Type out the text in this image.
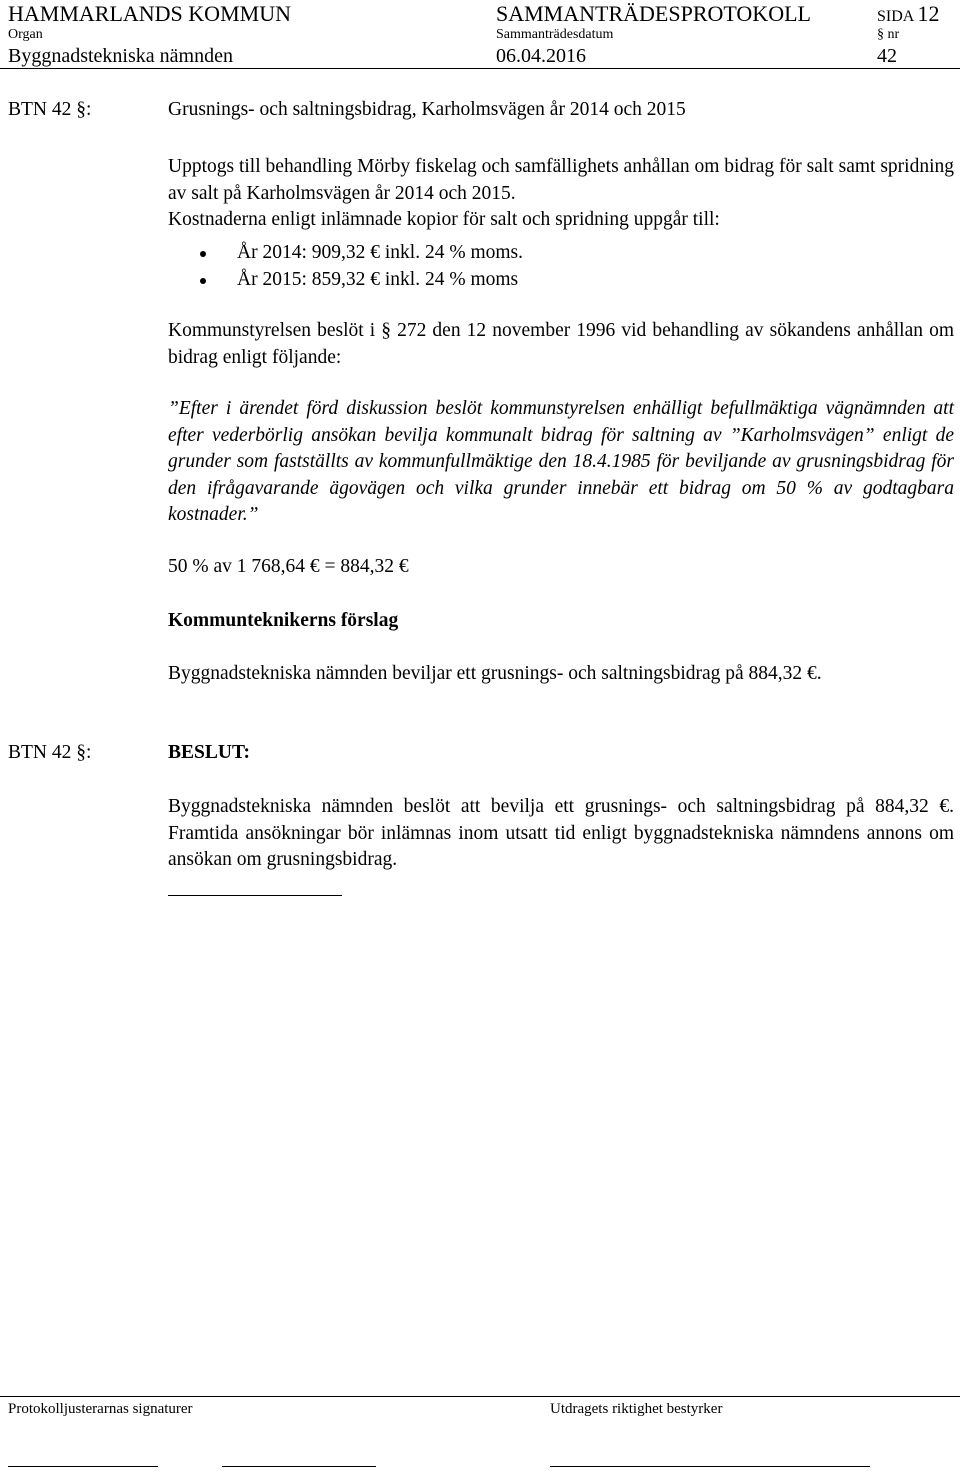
HAMMARLANDS KOMMUN	SAMMANTRÄDESPROTOKOLL	SIDA 12
Organ	Sammanträdesdatum	§ nr
Byggnadstekniska nämnden	06.04.2016	42
BTN 42 §:	Grusnings- och saltningsbidrag, Karholmsvägen år 2014 och 2015
Upptogs till behandling Mörby fiskelag och samfällighets anhållan om bidrag för salt samt spridning av salt på Karholmsvägen år 2014 och 2015.
Kostnaderna enligt inlämnade kopior för salt och spridning uppgår till:
År 2014: 909,32 € inkl. 24 % moms.
År 2015: 859,32 € inkl. 24 % moms
Kommunstyrelsen beslöt i § 272 den 12 november 1996 vid behandling av sökandens anhållan om bidrag enligt följande:
”Efter i ärendet förd diskussion beslöt kommunstyrelsen enhälligt befullmäktiga vägnämnden att efter vederbörlig ansökan bevilja kommunalt bidrag för saltning av ”Karholmsvägen” enligt de grunder som fastställts av kommunfullmäktige den 18.4.1985 för beviljande av grusningsbidrag för den ifrågavarande ägovägen och vilka grunder innebär ett bidrag om 50 % av godtagbara kostnader.”
50 % av 1 768,64 € = 884,32 €
Kommunteknikerns förslag
Byggnadstekniska nämnden beviljar ett grusnings- och saltningsbidrag på 884,32 €.
BTN 42 §:	BESLUT:
Byggnadstekniska nämnden beslöt att bevilja ett grusnings- och saltningsbidrag på 884,32 €. Framtida ansökningar bör inlämnas inom utsatt tid enligt byggnadstekniska nämndens annons om ansökan om grusningsbidrag.
Protokolljusterarnas signaturer	Utdragets riktighet bestyrker
